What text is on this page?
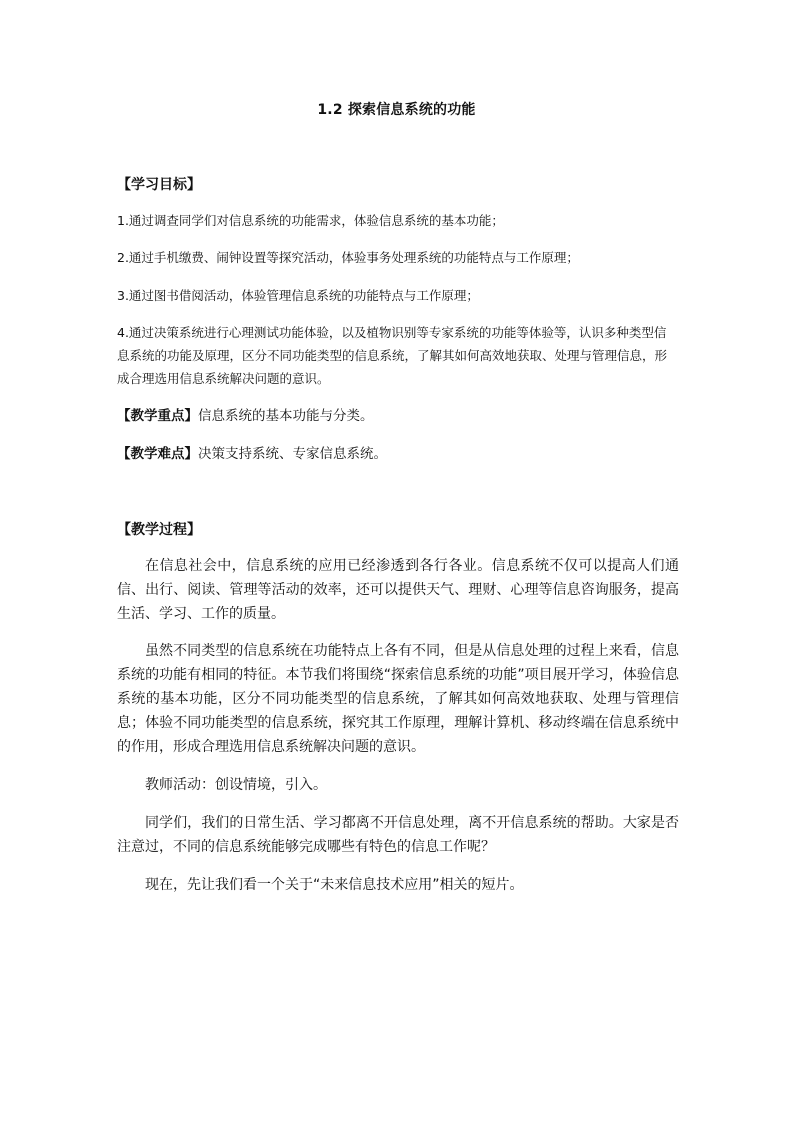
1.2 探索信息系统的功能
【学习目标】
1.通过调查同学们对信息系统的功能需求，体验信息系统的基本功能；
2.通过手机缴费、闹钟设置等探究活动，体验事务处理系统的功能特点与工作原理；
3.通过图书借阅活动，体验管理信息系统的功能特点与工作原理；
4.通过决策系统进行心理测试功能体验，以及植物识别等专家系统的功能等体验等，认识多种类型信息系统的功能及原理，区分不同功能类型的信息系统，了解其如何高效地获取、处理与管理信息，形成合理选用信息系统解决问题的意识。
【教学重点】信息系统的基本功能与分类。
【教学难点】决策支持系统、专家信息系统。
【教学过程】
在信息社会中，信息系统的应用已经渗透到各行各业。信息系统不仅可以提高人们通信、出行、阅读、管理等活动的效率，还可以提供天气、理财、心理等信息咨询服务，提高生活、学习、工作的质量。
虽然不同类型的信息系统在功能特点上各有不同，但是从信息处理的过程上来看，信息系统的功能有相同的特征。本节我们将围绕“探索信息系统的功能”项目展开学习，体验信息系统的基本功能，区分不同功能类型的信息系统，了解其如何高效地获取、处理与管理信息；体验不同功能类型的信息系统，探究其工作原理，理解计算机、移动终端在信息系统中的作用，形成合理选用信息系统解决问题的意识。
教师活动：创设情境，引入。
同学们，我们的日常生活、学习都离不开信息处理，离不开信息系统的帮助。大家是否注意过，不同的信息系统能够完成哪些有特色的信息工作呢？
现在，先让我们看一个关于“未来信息技术应用”相关的短片。
